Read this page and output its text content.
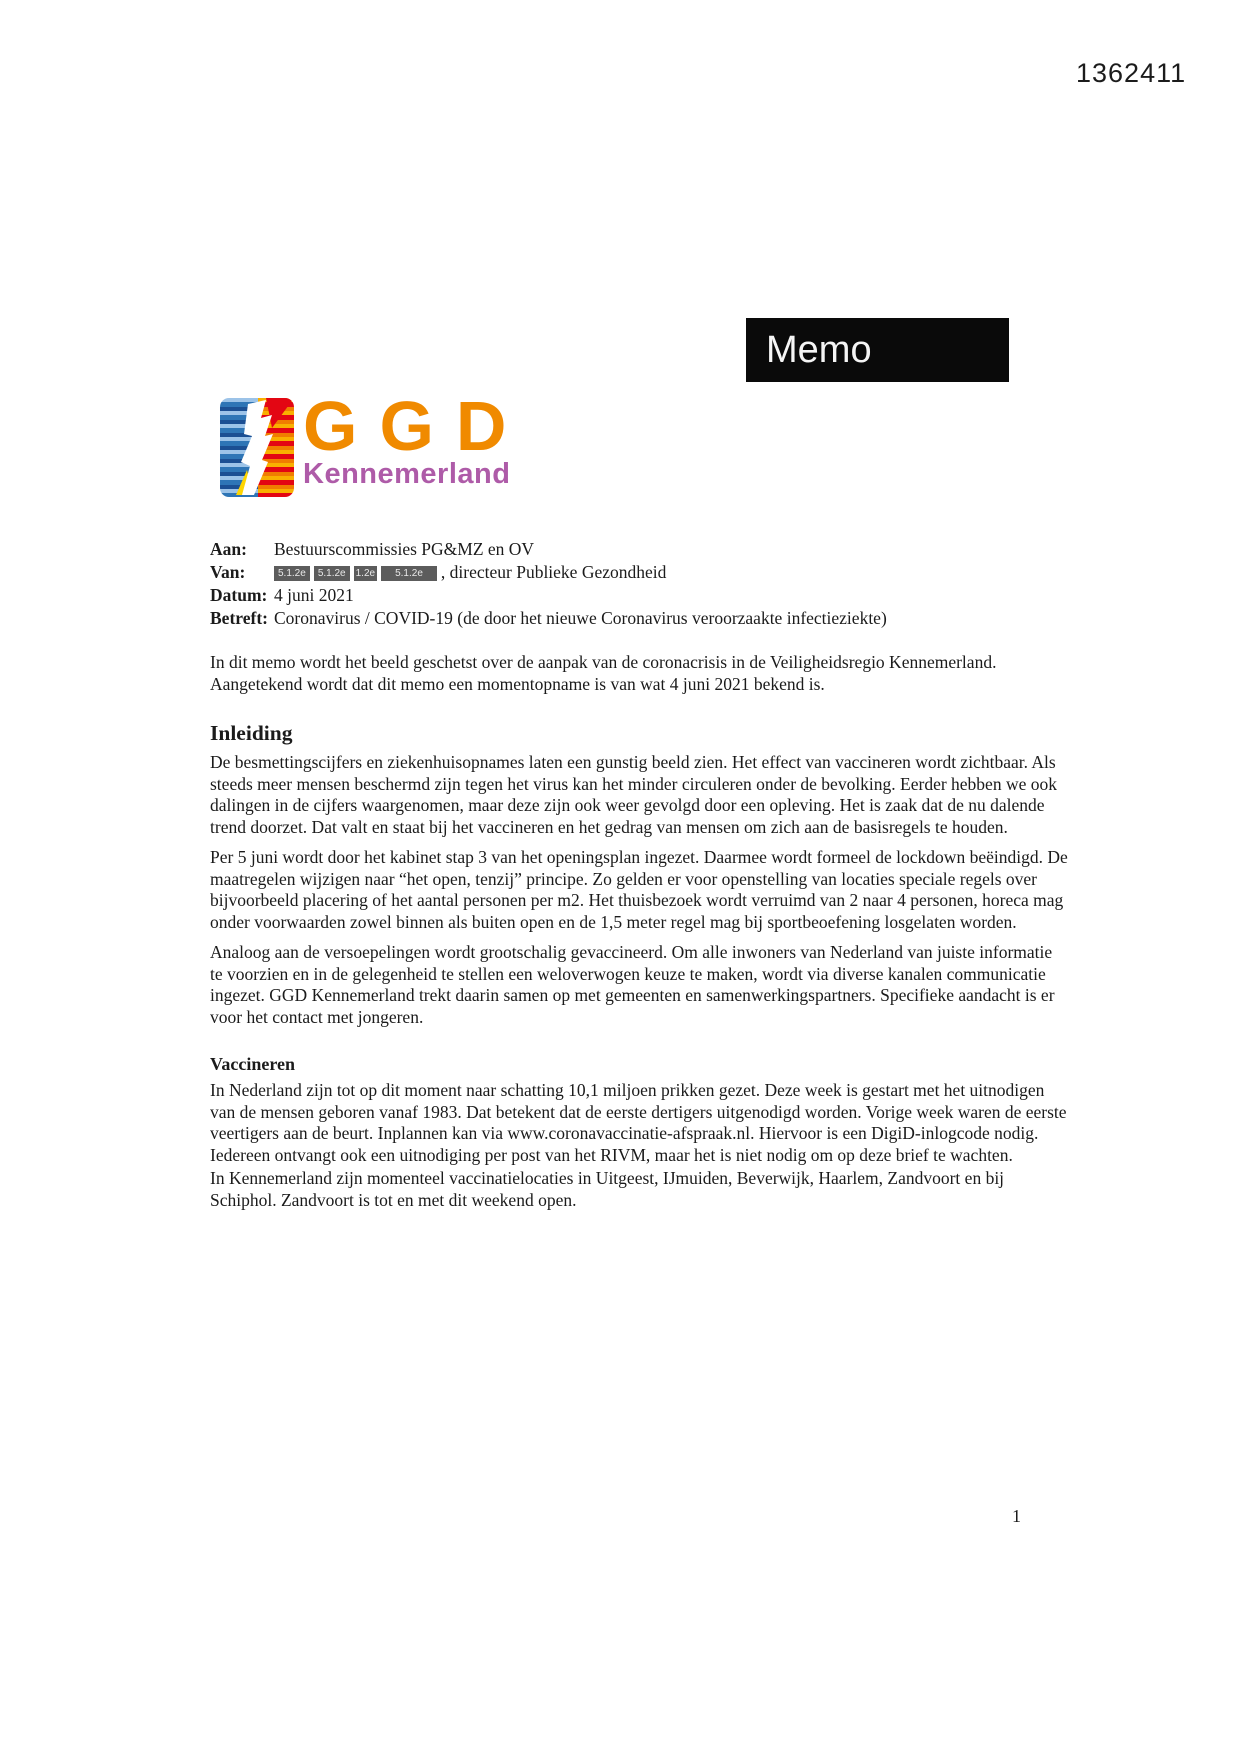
1362411
Memo
GGD
Kennemerland
Aan:	Bestuurscommissies PG&MZ en OV
Van:	5.1.2e 5.1.2e 1.2e 5.1.2e , directeur Publieke Gezondheid
Datum: 4 juni 2021
Betreft: Coronavirus / COVID-19 (de door het nieuwe Coronavirus veroorzaakte infectieziekte)

In dit memo wordt het beeld geschetst over de aanpak van de coronacrisis in de Veiligheidsregio Kennemerland. Aangetekend wordt dat dit memo een momentopname is van wat 4 juni 2021 bekend is.

Inleiding

De besmettingscijfers en ziekenhuisopnames laten een gunstig beeld zien. Het effect van vaccineren wordt zichtbaar. Als steeds meer mensen beschermd zijn tegen het virus kan het minder circuleren onder de bevolking. Eerder hebben we ook dalingen in de cijfers waargenomen, maar deze zijn ook weer gevolgd door een opleving. Het is zaak dat de nu dalende trend doorzet. Dat valt en staat bij het vaccineren en het gedrag van mensen om zich aan de basisregels te houden.

Per 5 juni wordt door het kabinet stap 3 van het openingsplan ingezet. Daarmee wordt formeel de lockdown beëindigd. De maatregelen wijzigen naar “het open, tenzij” principe. Zo gelden er voor openstelling van locaties speciale regels over bijvoorbeeld placering of het aantal personen per m2. Het thuisbezoek wordt verruimd van 2 naar 4 personen, horeca mag onder voorwaarden zowel binnen als buiten open en de 1,5 meter regel mag bij sportbeoefening losgelaten worden.

Analoog aan de versoepelingen wordt grootschalig gevaccineerd. Om alle inwoners van Nederland van juiste informatie te voorzien en in de gelegenheid te stellen een weloverwogen keuze te maken, wordt via diverse kanalen communicatie ingezet. GGD Kennemerland trekt daarin samen op met gemeenten en samenwerkingspartners. Specifieke aandacht is er voor het contact met jongeren.

Vaccineren

In Nederland zijn tot op dit moment naar schatting 10,1 miljoen prikken gezet. Deze week is gestart met het uitnodigen van de mensen geboren vanaf 1983. Dat betekent dat de eerste dertigers uitgenodigd worden. Vorige week waren de eerste veertigers aan de beurt. Inplannen kan via www.coronavaccinatie-afspraak.nl. Hiervoor is een DigiD-inlogcode nodig. Iedereen ontvangt ook een uitnodiging per post van het RIVM, maar het is niet nodig om op deze brief te wachten.

In Kennemerland zijn momenteel vaccinatielocaties in Uitgeest, IJmuiden, Beverwijk, Haarlem, Zandvoort en bij Schiphol. Zandvoort is tot en met dit weekend open.

1
